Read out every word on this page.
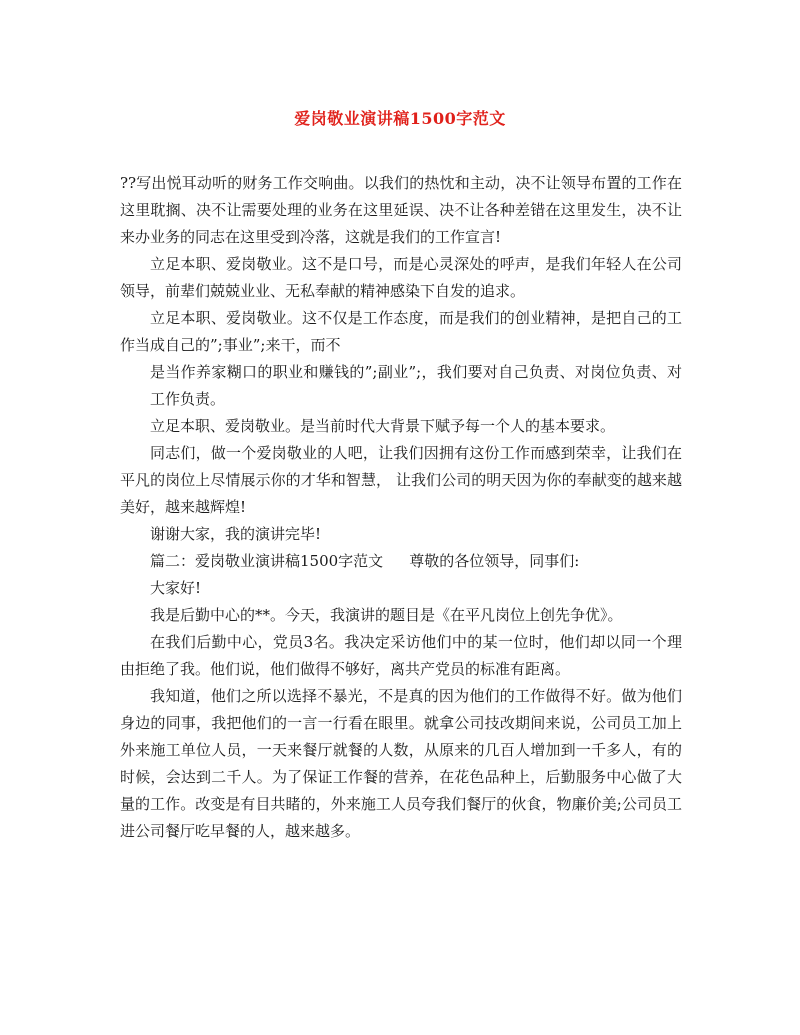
爱岗敬业演讲稿1500字范文

??写出悦耳动听的财务工作交响曲。以我们的热忱和主动，决不让领导布置的工作在这里耽搁、决不让需要处理的业务在这里延误、决不让各种差错在这里发生，决不让来办业务的同志在这里受到冷落，这就是我们的工作宣言!

立足本职、爱岗敬业。这不是口号，而是心灵深处的呼声，是我们年轻人在公司领导，前辈们兢兢业业、无私奉献的精神感染下自发的追求。

立足本职、爱岗敬业。这不仅是工作态度，而是我们的创业精神，是把自己的工作当成自己的”;事业”;来干，而不

是当作养家糊口的职业和赚钱的”;副业”;，我们要对自己负责、对岗位负责、对工作负责。

立足本职、爱岗敬业。是当前时代大背景下赋予每一个人的基本要求。

同志们，做一个爱岗敬业的人吧，让我们因拥有这份工作而感到荣幸，让我们在平凡的岗位上尽情展示你的才华和智慧， 让我们公司的明天因为你的奉献变的越来越美好，越来越辉煌!

谢谢大家，我的演讲完毕!

篇二：爱岗敬业演讲稿1500字范文 尊敬的各位领导，同事们:

大家好!

我是后勤中心的**。今天，我演讲的题目是《在平凡岗位上创先争优》。

在我们后勤中心，党员3名。我决定采访他们中的某一位时，他们却以同一个理由拒绝了我。他们说，他们做得不够好，离共产党员的标准有距离。

我知道，他们之所以选择不暴光，不是真的因为他们的工作做得不好。做为他们身边的同事，我把他们的一言一行看在眼里。就拿公司技改期间来说，公司员工加上外来施工单位人员，一天来餐厅就餐的人数，从原来的几百人增加到一千多人，有的时候，会达到二千人。为了保证工作餐的营养，在花色品种上，后勤服务中心做了大量的工作。改变是有目共睹的，外来施工人员夸我们餐厅的伙食，物廉价美;公司员工进公司餐厅吃早餐的人，越来越多。
